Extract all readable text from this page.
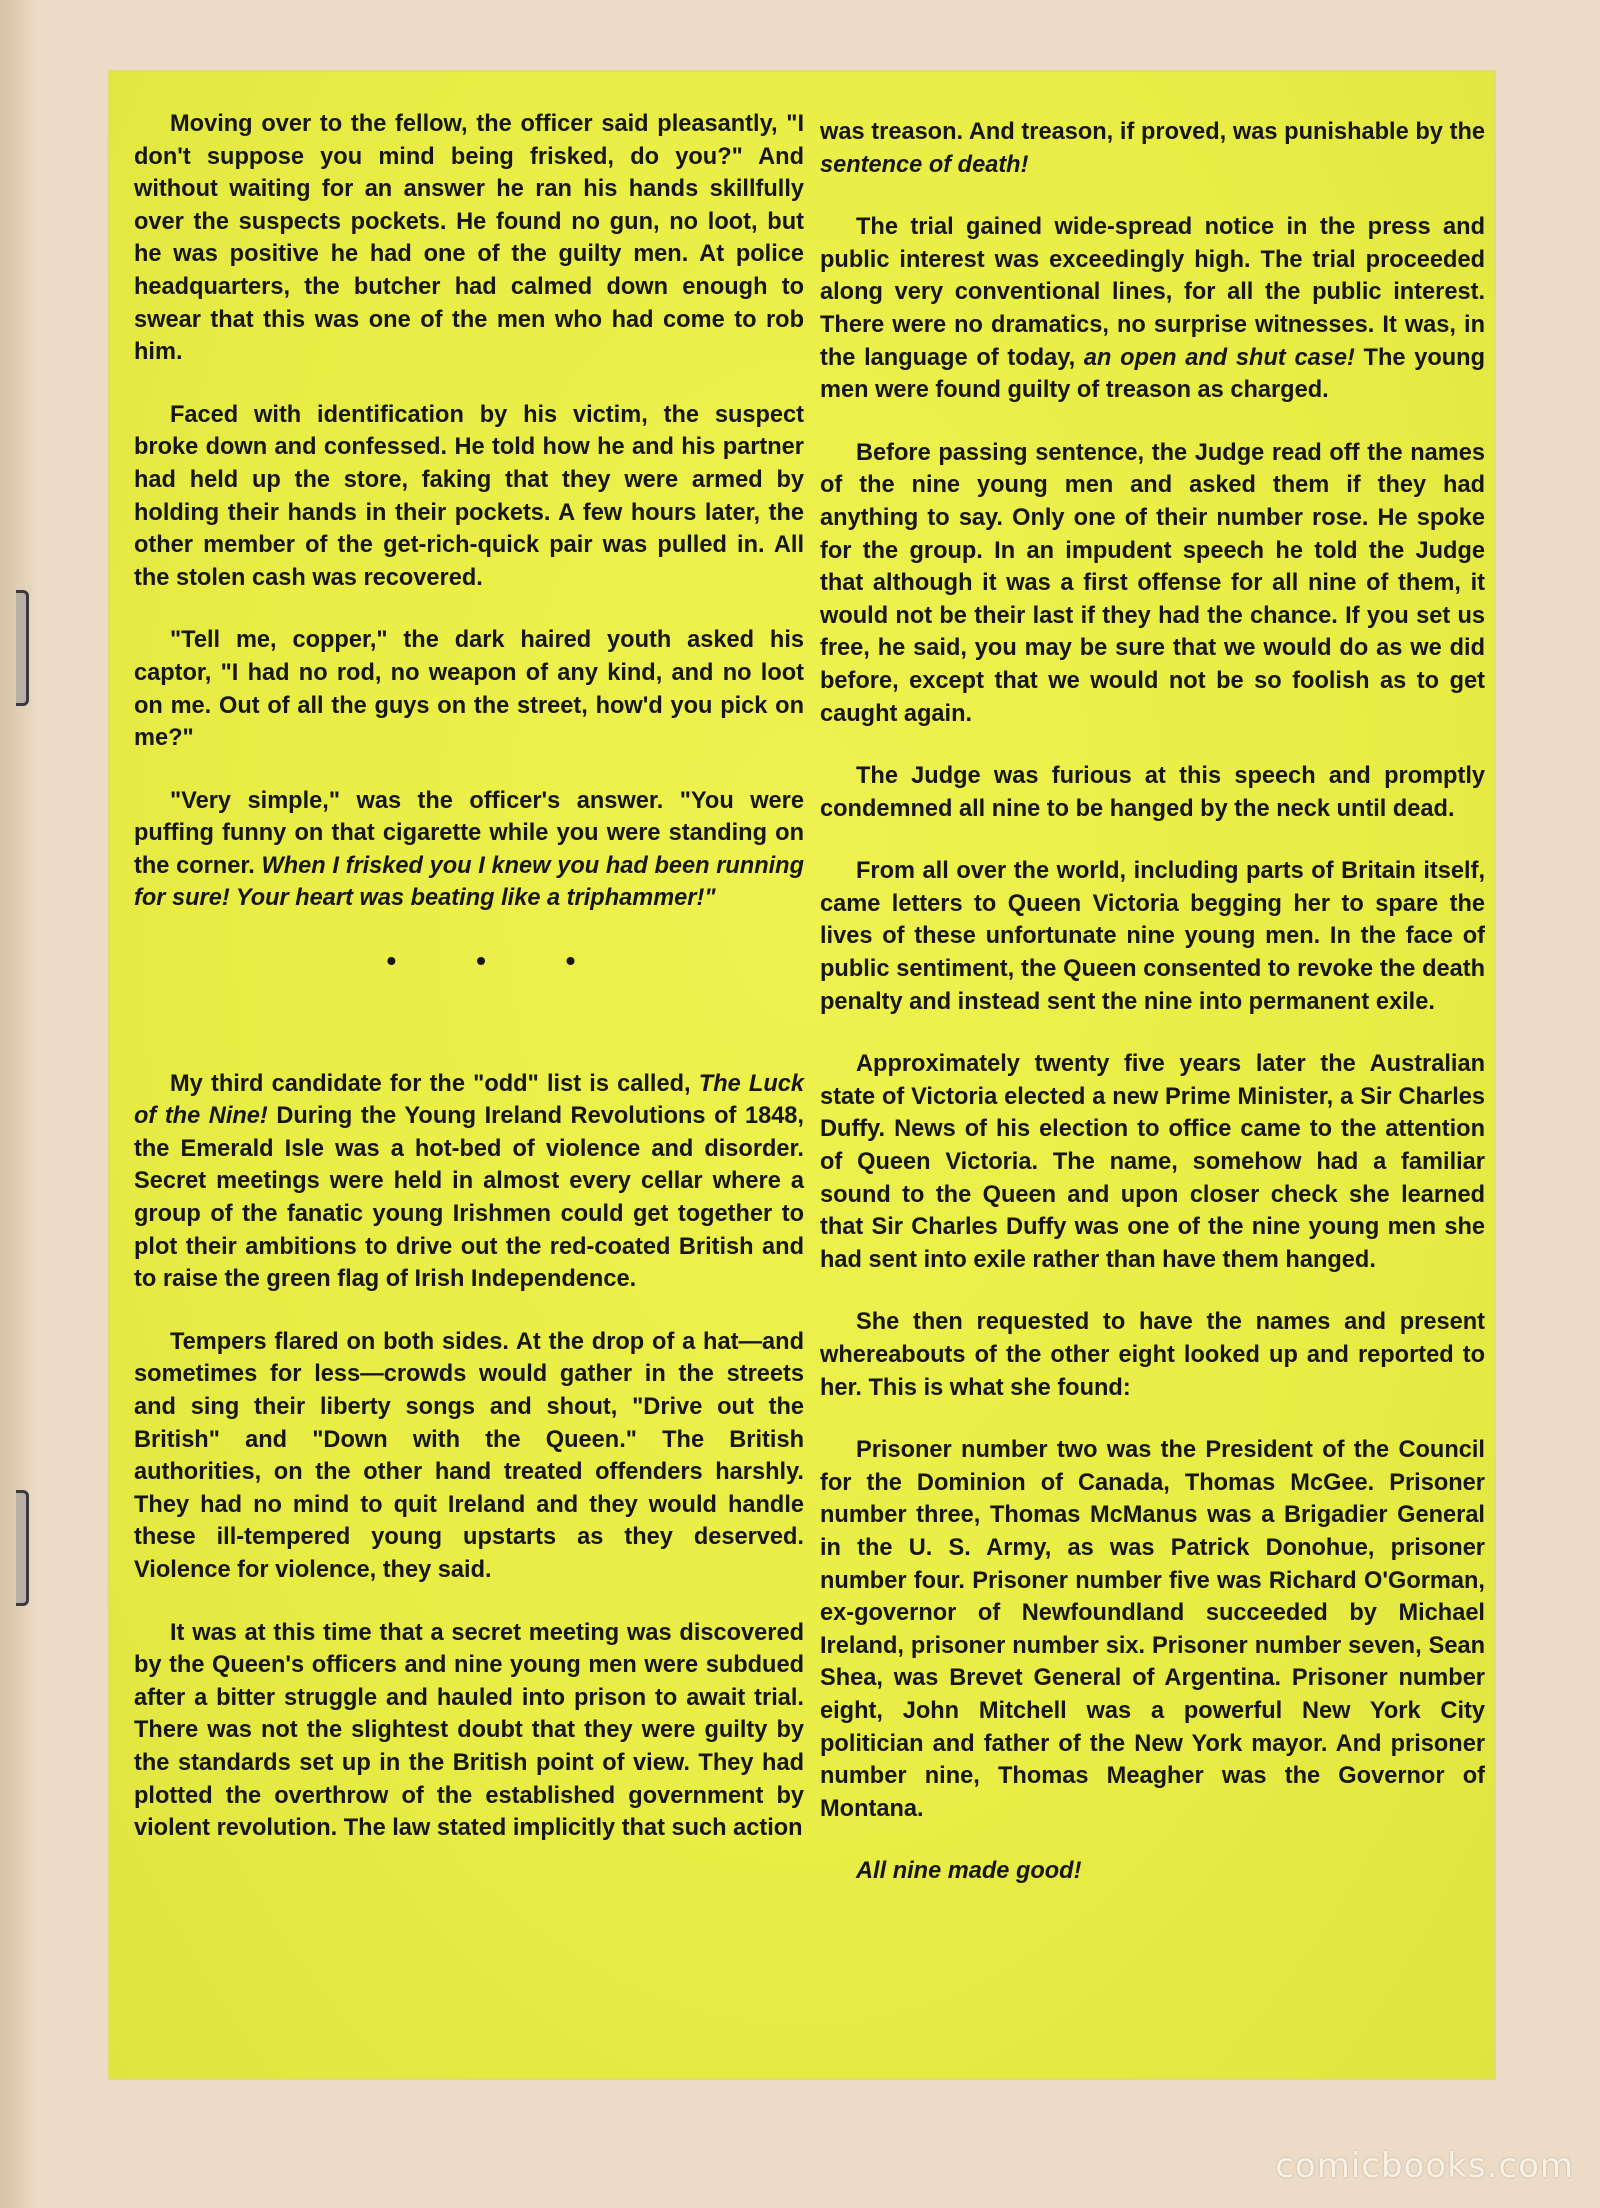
Moving over to the fellow, the officer said pleasantly, "I don't suppose you mind being frisked, do you?" And without waiting for an answer he ran his hands skillfully over the suspects pockets. He found no gun, no loot, but he was positive he had one of the guilty men. At police headquarters, the butcher had calmed down enough to swear that this was one of the men who had come to rob him.

Faced with identification by his victim, the suspect broke down and confessed. He told how he and his partner had held up the store, faking that they were armed by holding their hands in their pockets. A few hours later, the other member of the get-rich-quick pair was pulled in. All the stolen cash was recovered.

"Tell me, copper," the dark haired youth asked his captor, "I had no rod, no weapon of any kind, and no loot on me. Out of all the guys on the street, how'd you pick on me?"

"Very simple," was the officer's answer. "You were puffing funny on that cigarette while you were standing on the corner. When I frisked you I knew you had been running for sure! Your heart was beating like a triphammer!"

• • •

My third candidate for the "odd" list is called, The Luck of the Nine! During the Young Ireland Revolutions of 1848, the Emerald Isle was a hot-bed of violence and disorder. Secret meetings were held in almost every cellar where a group of the fanatic young Irishmen could get together to plot their ambitions to drive out the red-coated British and to raise the green flag of Irish Independence.

Tempers flared on both sides. At the drop of a hat—and sometimes for less—crowds would gather in the streets and sing their liberty songs and shout, "Drive out the British" and "Down with the Queen." The British authorities, on the other hand treated offenders harshly. They had no mind to quit Ireland and they would handle these ill-tempered young upstarts as they deserved. Violence for violence, they said.

It was at this time that a secret meeting was discovered by the Queen's officers and nine young men were subdued after a bitter struggle and hauled into prison to await trial. There was not the slightest doubt that they were guilty by the standards set up in the British point of view. They had plotted the overthrow of the established government by violent revolution. The law stated implicitly that such action

was treason. And treason, if proved, was punishable by the sentence of death!

The trial gained wide-spread notice in the press and public interest was exceedingly high. The trial proceeded along very conventional lines, for all the public interest. There were no dramatics, no surprise witnesses. It was, in the language of today, an open and shut case! The young men were found guilty of treason as charged.

Before passing sentence, the Judge read off the names of the nine young men and asked them if they had anything to say. Only one of their number rose. He spoke for the group. In an impudent speech he told the Judge that although it was a first offense for all nine of them, it would not be their last if they had the chance. If you set us free, he said, you may be sure that we would do as we did before, except that we would not be so foolish as to get caught again.

The Judge was furious at this speech and promptly condemned all nine to be hanged by the neck until dead.

From all over the world, including parts of Britain itself, came letters to Queen Victoria begging her to spare the lives of these unfortunate nine young men. In the face of public sentiment, the Queen consented to revoke the death penalty and instead sent the nine into permanent exile.

Approximately twenty five years later the Australian state of Victoria elected a new Prime Minister, a Sir Charles Duffy. News of his election to office came to the attention of Queen Victoria. The name, somehow had a familiar sound to the Queen and upon closer check she learned that Sir Charles Duffy was one of the nine young men she had sent into exile rather than have them hanged.

She then requested to have the names and present whereabouts of the other eight looked up and reported to her. This is what she found:

Prisoner number two was the President of the Council for the Dominion of Canada, Thomas McGee. Prisoner number three, Thomas McManus was a Brigadier General in the U. S. Army, as was Patrick Donohue, prisoner number four. Prisoner number five was Richard O'Gorman, ex-governor of Newfoundland succeeded by Michael Ireland, prisoner number six. Prisoner number seven, Sean Shea, was Brevet General of Argentina. Prisoner number eight, John Mitchell was a powerful New York City politician and father of the New York mayor. And prisoner number nine, Thomas Meagher was the Governor of Montana.

All nine made good!

comicbooks.com
